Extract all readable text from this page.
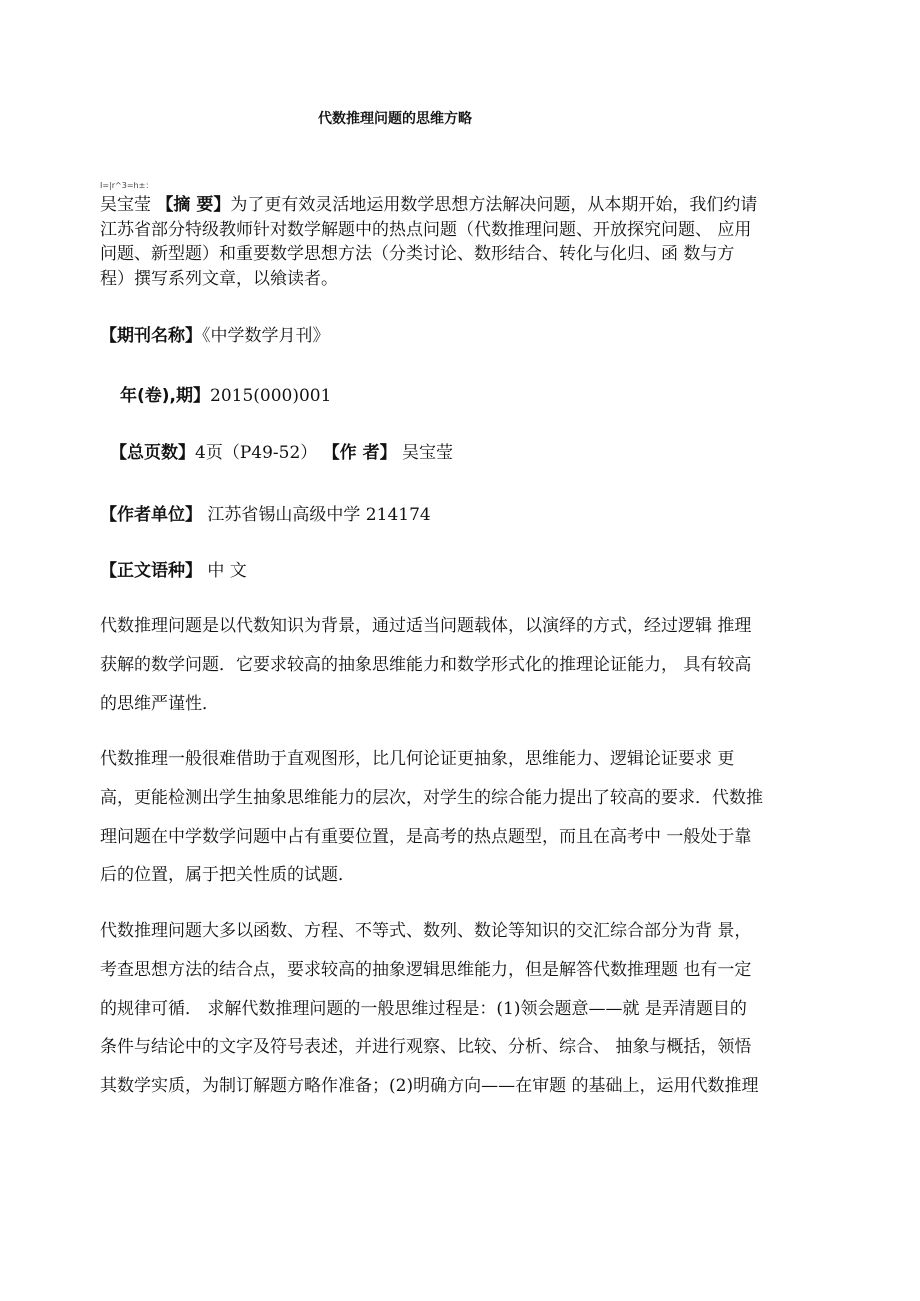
代数推理问题的思维方略
I=|r^3=h±：
吴宝莹 【摘 要】为了更有效灵活地运用数学思想方法解决问题，从本期开始，我们约请
江苏省部分特级教师针对数学解题中的热点问题（代数推理问题、开放探究问题、 应用
问题、新型题）和重要数学思想方法（分类讨论、数形结合、转化与化归、函 数与方
程）撰写系列文章，以飨读者。
【期刊名称】《中学数学月刊》
年(卷),期】2015(000)001
【总页数】4页（P49-52） 【作 者】 吴宝莹
【作者单位】 江苏省锡山高级中学 214174
【正文语种】 中 文
代数推理问题是以代数知识为背景，通过适当问题载体，以演绎的方式，经过逻辑 推理
获解的数学问题．它要求较高的抽象思维能力和数学形式化的推理论证能力， 具有较高
的思维严谨性．
代数推理一般很难借助于直观图形，比几何论证更抽象，思维能力、逻辑论证要求 更
高，更能检测出学生抽象思维能力的层次，对学生的综合能力提出了较高的要求．代数推
理问题在中学数学问题中占有重要位置，是高考的热点题型，而且在高考中 一般处于靠
后的位置，属于把关性质的试题．
代数推理问题大多以函数、方程、不等式、数列、数论等知识的交汇综合部分为背 景，
考查思想方法的结合点，要求较高的抽象逻辑思维能力，但是解答代数推理题 也有一定
的规律可循． 求解代数推理问题的一般思维过程是：(1)领会题意——就 是弄清题目的
条件与结论中的文字及符号表述，并进行观察、比较、分析、综合、 抽象与概括，领悟
其数学实质，为制订解题方略作准备；(2)明确方向——在审题 的基础上，运用代数推理
